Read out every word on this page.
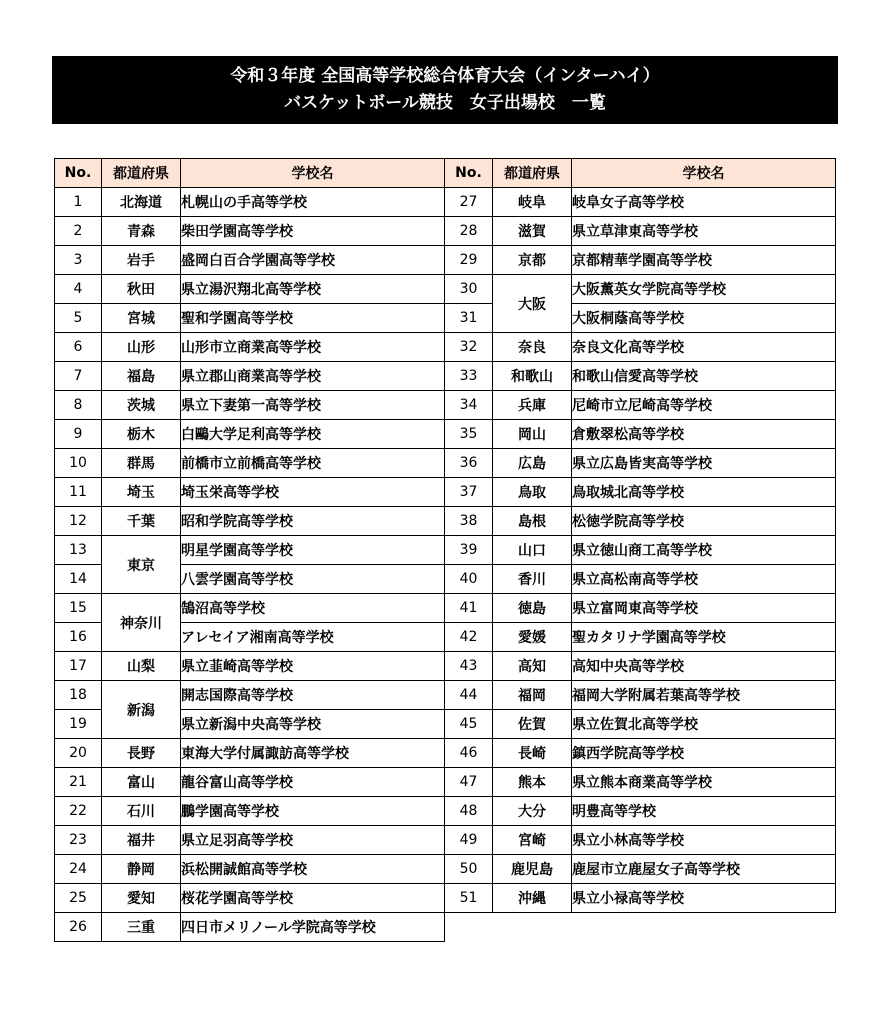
令和３年度 全国高等学校総合体育大会（インターハイ）
バスケットボール競技　女子出場校　一覧
No.	都道府県	学校名
1	北海道	札幌山の手高等学校
2	青森	柴田学園高等学校
3	岩手	盛岡白百合学園高等学校
4	秋田	県立湯沢翔北高等学校
5	宮城	聖和学園高等学校
6	山形	山形市立商業高等学校
7	福島	県立郡山商業高等学校
8	茨城	県立下妻第一高等学校
9	栃木	白鷗大学足利高等学校
10	群馬	前橋市立前橋高等学校
11	埼玉	埼玉栄高等学校
12	千葉	昭和学院高等学校
13	東京	明星学園高等学校
14		八雲学園高等学校
15	神奈川	鵠沼高等学校
16		アレセイア湘南高等学校
17	山梨	県立韮崎高等学校
18	新潟	開志国際高等学校
19		県立新潟中央高等学校
20	長野	東海大学付属諏訪高等学校
21	富山	龍谷富山高等学校
22	石川	鵬学園高等学校
23	福井	県立足羽高等学校
24	静岡	浜松開誠館高等学校
25	愛知	桜花学園高等学校
26	三重	四日市メリノール学院高等学校
No.	都道府県	学校名
27	岐阜	岐阜女子高等学校
28	滋賀	県立草津東高等学校
29	京都	京都精華学園高等学校
30	大阪	大阪薫英女学院高等学校
31		大阪桐蔭高等学校
32	奈良	奈良文化高等学校
33	和歌山	和歌山信愛高等学校
34	兵庫	尼崎市立尼崎高等学校
35	岡山	倉敷翠松高等学校
36	広島	県立広島皆実高等学校
37	鳥取	鳥取城北高等学校
38	島根	松徳学院高等学校
39	山口	県立徳山商工高等学校
40	香川	県立高松南高等学校
41	徳島	県立富岡東高等学校
42	愛媛	聖カタリナ学園高等学校
43	高知	高知中央高等学校
44	福岡	福岡大学附属若葉高等学校
45	佐賀	県立佐賀北高等学校
46	長崎	鎮西学院高等学校
47	熊本	県立熊本商業高等学校
48	大分	明豊高等学校
49	宮崎	県立小林高等学校
50	鹿児島	鹿屋市立鹿屋女子高等学校
51	沖縄	県立小禄高等学校
